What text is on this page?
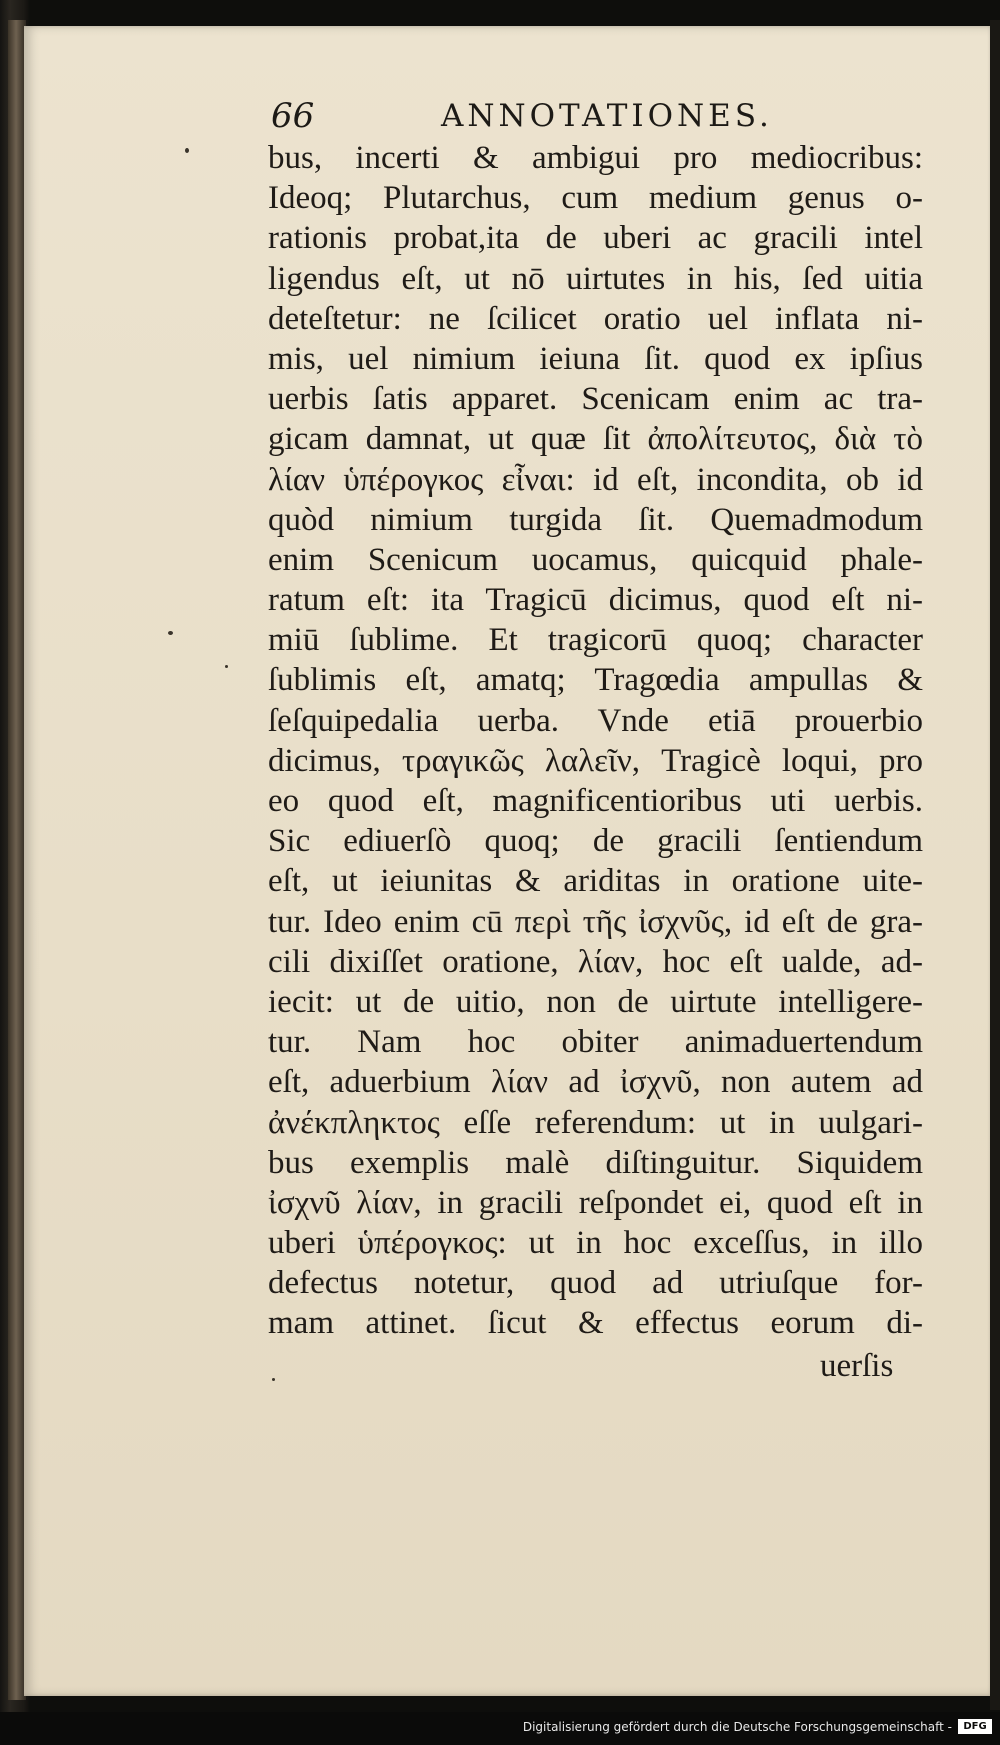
66	ANNOTATIONES.
bus, incerti & ambigui pro mediocribus:
Ideoq; Plutarchus, cum medium genus o-
rationis probat,ita de uberi ac gracili intel
ligendus eſt, ut nō uirtutes in his, ſed uitia
deteſtetur: ne ſcilicet oratio uel inflata ni-
mis, uel nimium ieiuna ſit. quod ex ipſius
uerbis ſatis apparet. Scenicam enim ac tra-
gicam damnat, ut quæ ſit ἀπολίτευτος, διὰ τὸ
λίαν ὑπέρογκος εἶναι: id eſt, incondita, ob id
quòd nimium turgida ſit. Quemadmodum
enim Scenicum uocamus, quicquid phale-
ratum eſt: ita Tragicū dicimus, quod eſt ni-
miū ſublime. Et tragicorū quoq; character
ſublimis eſt, amatq; Tragœdia ampullas &
ſeſquipedalia uerba. Vnde etiā prouerbio
dicimus, τραγικῶς λαλεῖν, Tragicè loqui, pro
eo quod eſt, magnificentioribus uti uerbis.
Sic ediuerſò quoq; de gracili ſentiendum
eſt, ut ieiunitas & ariditas in oratione uite-
tur. Ideo enim cū περὶ τῆς ἰσχνῦς, id eſt de gra-
cili dixiſſet oratione, λίαν, hoc eſt ualde, ad-
iecit: ut de uitio, non de uirtute intelligere-
tur. Nam hoc obiter animaduertendum
eſt, aduerbium λίαν ad ἰσχνῦ, non autem ad
ἀνέκπληκτος eſſe referendum: ut in uulgari-
bus exemplis malè diſtinguitur. Siquidem
ἰσχνῦ λίαν, in gracili reſpondet ei, quod eſt in
uberi ὑπέρογκος: ut in hoc exceſſus, in illo
defectus notetur, quod ad utriuſque for-
mam attinet. ſicut & effectus eorum di-
uerſis
Digitalisierung gefördert durch die Deutsche Forschungsgemeinschaft -	DFG
